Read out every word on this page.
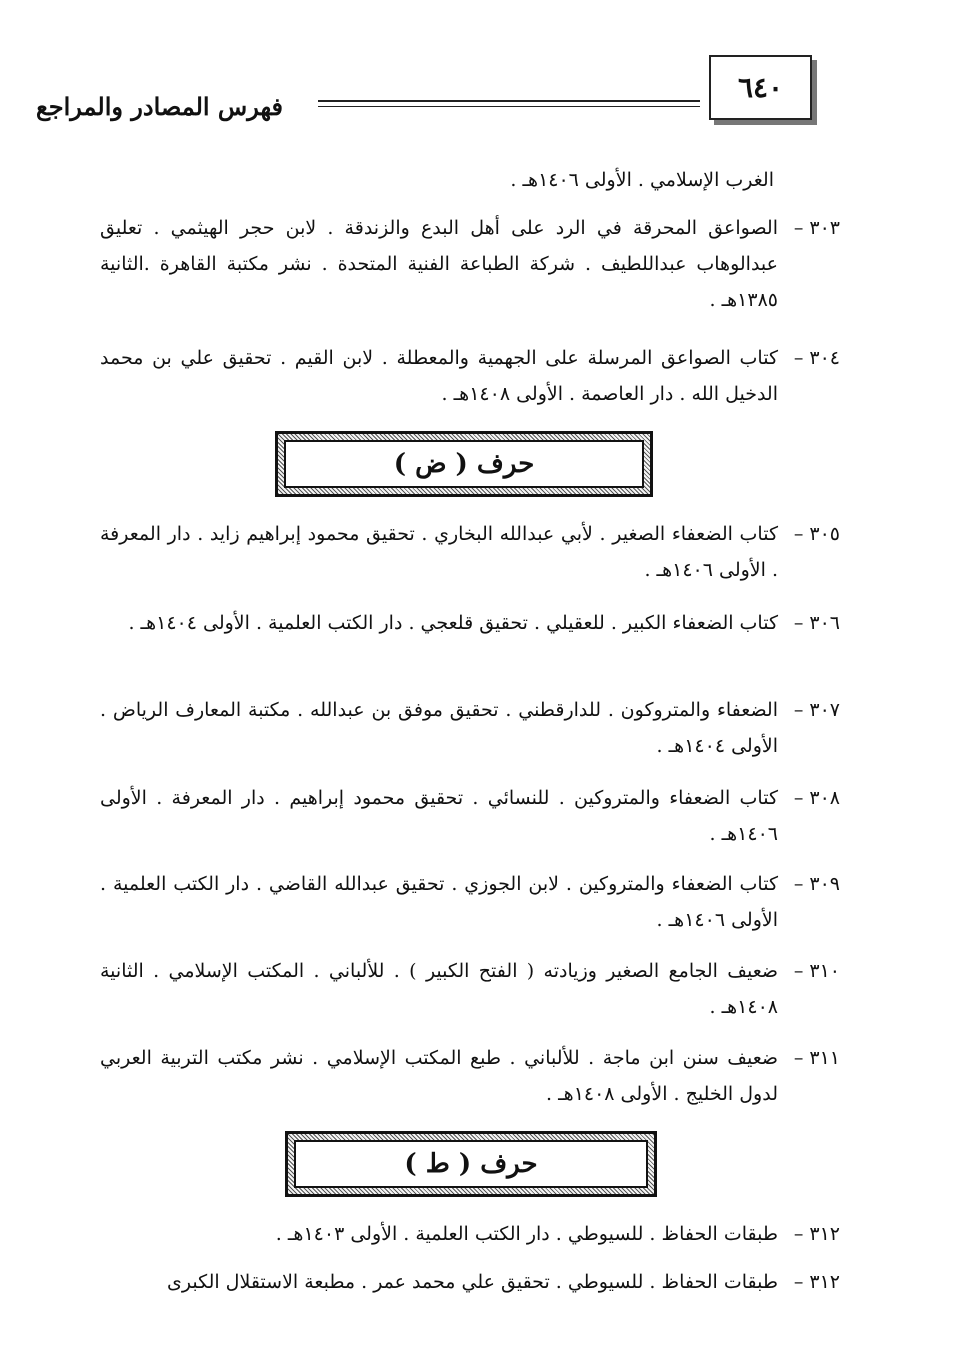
فهرس المصادر والمراجع
٦٤٠
الغرب الإسلامي . الأولى ١٤٠٦هـ .
٣٠٣ –
الصواعق المحرقة في الرد على أهل البدع والزندقة . لابن حجر الهيثمي . تعليق عبدالوهاب عبداللطيف . شركة الطباعة الفنية المتحدة . نشر مكتبة القاهرة .الثانية ١٣٨٥هـ .
٣٠٤ –
كتاب الصواعق المرسلة على الجهمية والمعطلة . لابن القيم . تحقيق علي بن محمد الدخيل الله . دار العاصمة . الأولى ١٤٠٨هـ .
حرف ( ض )
٣٠٥ –
كتاب الضعفاء الصغير . لأبي عبدالله البخاري . تحقيق محمود إبراهيم زايد . دار المعرفة . الأولى ١٤٠٦هـ .
٣٠٦ –
كتاب الضعفاء الكبير . للعقيلي . تحقيق قلعجي . دار الكتب العلمية . الأولى ١٤٠٤هـ .
٣٠٧ –
الضعفاء والمتروكون . للدارقطني . تحقيق موفق بن عبدالله . مكتبة المعارف الرياض . الأولى ١٤٠٤هـ .
٣٠٨ –
كتاب الضعفاء والمتروكين . للنسائي . تحقيق محمود إبراهيم . دار المعرفة . الأولى ١٤٠٦هـ .
٣٠٩ –
كتاب الضعفاء والمتروكين . لابن الجوزي . تحقيق عبدالله القاضي . دار الكتب العلمية . الأولى ١٤٠٦هـ .
٣١٠ –
ضعيف الجامع الصغير وزيادته ( الفتح الكبير ) . للألباني . المكتب الإسلامي . الثانية ١٤٠٨هـ .
٣١١ –
ضعيف سنن ابن ماجة . للألباني . طبع المكتب الإسلامي . نشر مكتب التربية العربي لدول الخليج . الأولى ١٤٠٨هـ .
حرف ( ط )
٣١٢ –
طبقات الحفاظ . للسيوطي . دار الكتب العلمية . الأولى ١٤٠٣هـ .
٣١٢ –
طبقات الحفاظ . للسيوطي . تحقيق علي محمد عمر . مطبعة الاستقلال الكبرى
